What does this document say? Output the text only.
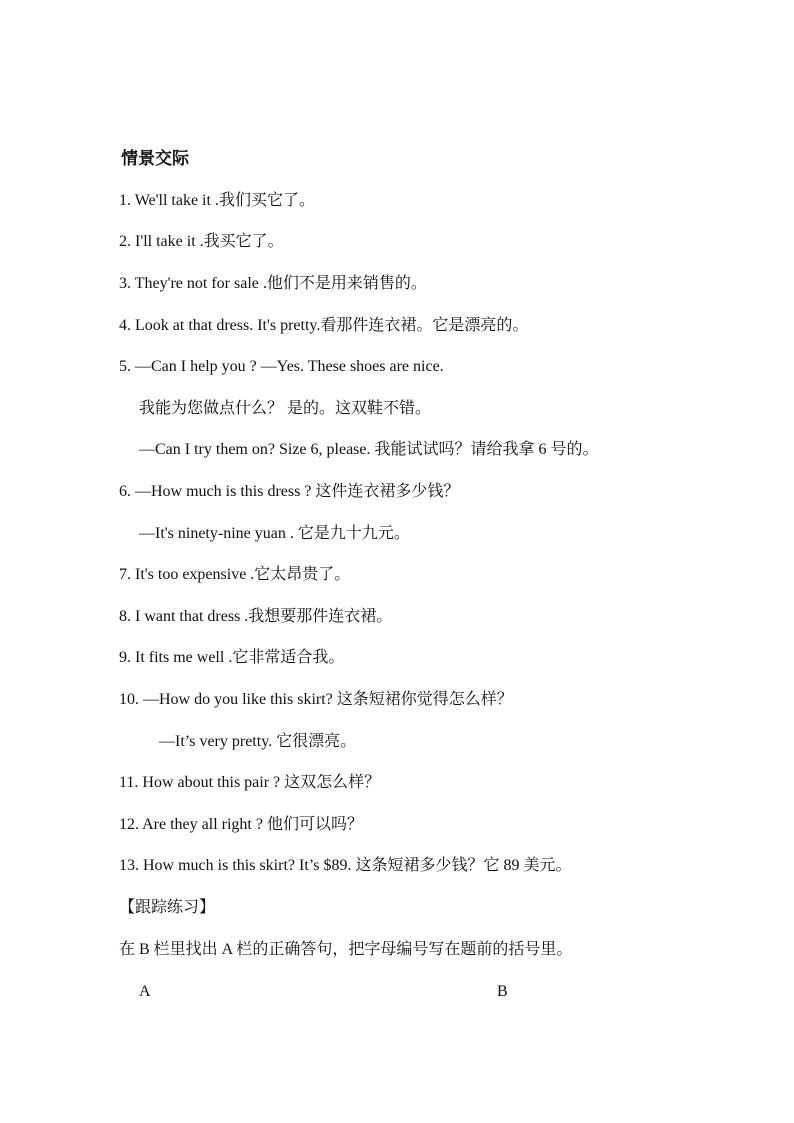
情景交际
1. We'll take it .我们买它了。
2. I'll take it .我买它了。
3. They're not for sale .他们不是用来销售的。
4. Look at that dress. It's pretty.看那件连衣裙。它是漂亮的。
5. —Can I help you ? —Yes. These shoes are nice.
我能为您做点什么？ 是的。这双鞋不错。
—Can I try them on? Size 6, please. 我能试试吗？请给我拿 6 号的。
6. —How much is this dress ? 这件连衣裙多少钱？
—It's ninety-nine yuan . 它是九十九元。
7. It's too expensive .它太昂贵了。
8. I want that dress .我想要那件连衣裙。
9. It fits me well .它非常适合我。
10. —How do you like this skirt? 这条短裙你觉得怎么样？
—It’s very pretty. 它很漂亮。
11. How about this pair ? 这双怎么样？
12. Are they all right ? 他们可以吗？
13. How much is this skirt? It’s $89. 这条短裙多少钱？它 89 美元。
【跟踪练习】
在 B 栏里找出 A 栏的正确答句，把字母编号写在题前的括号里。
A	B
